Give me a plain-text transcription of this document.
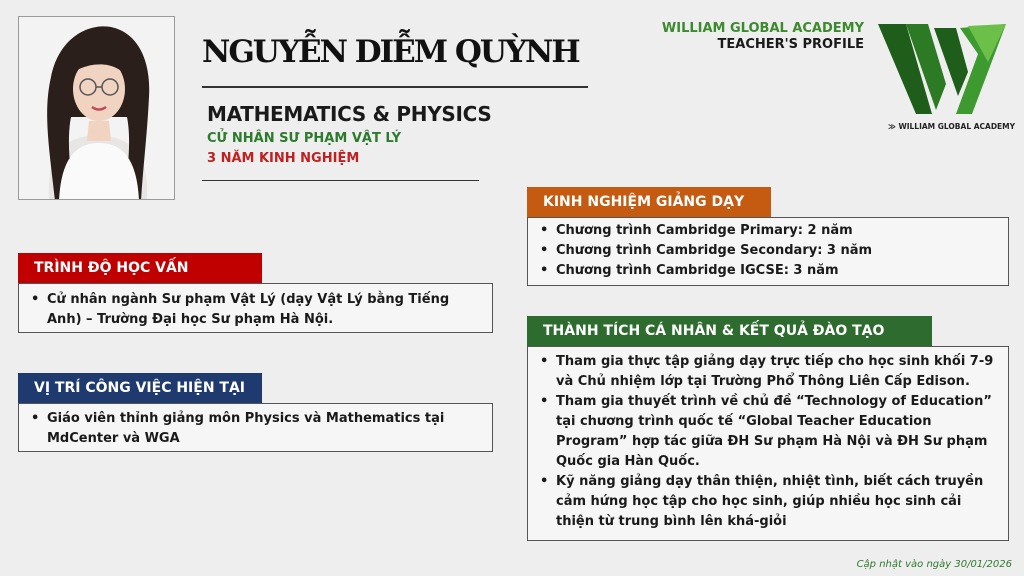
NGUYỄN DIỄM QUỲNH
MATHEMATICS & PHYSICS
CỬ NHÂN SƯ PHẠM VẬT LÝ
3 NĂM KINH NGHIỆM
WILLIAM GLOBAL ACADEMY
TEACHER'S PROFILE
≫ WILLIAM GLOBAL ACADEMY
TRÌNH ĐỘ HỌC VẤN
• Cử nhân ngành Sư phạm Vật Lý (dạy Vật Lý bằng Tiếng Anh) – Trường Đại học Sư phạm Hà Nội.
VỊ TRÍ CÔNG VIỆC HIỆN TẠI
• Giáo viên thỉnh giảng môn Physics và Mathematics tại MdCenter và WGA
KINH NGHIỆM GIẢNG DẠY
• Chương trình Cambridge Primary: 2 năm
• Chương trình Cambridge Secondary: 3 năm
• Chương trình Cambridge IGCSE: 3 năm
THÀNH TÍCH CÁ NHÂN & KẾT QUẢ ĐÀO TẠO
• Tham gia thực tập giảng dạy trực tiếp cho học sinh khối 7-9 và Chủ nhiệm lớp tại Trường Phổ Thông Liên Cấp Edison.
• Tham gia thuyết trình về chủ đề “Technology of Education” tại chương trình quốc tế “Global Teacher Education Program” hợp tác giữa ĐH Sư phạm Hà Nội và ĐH Sư phạm Quốc gia Hàn Quốc.
• Kỹ năng giảng dạy thân thiện, nhiệt tình, biết cách truyền cảm hứng học tập cho học sinh, giúp nhiều học sinh cải thiện từ trung bình lên khá-giỏi
Cập nhật vào ngày 30/01/2026
